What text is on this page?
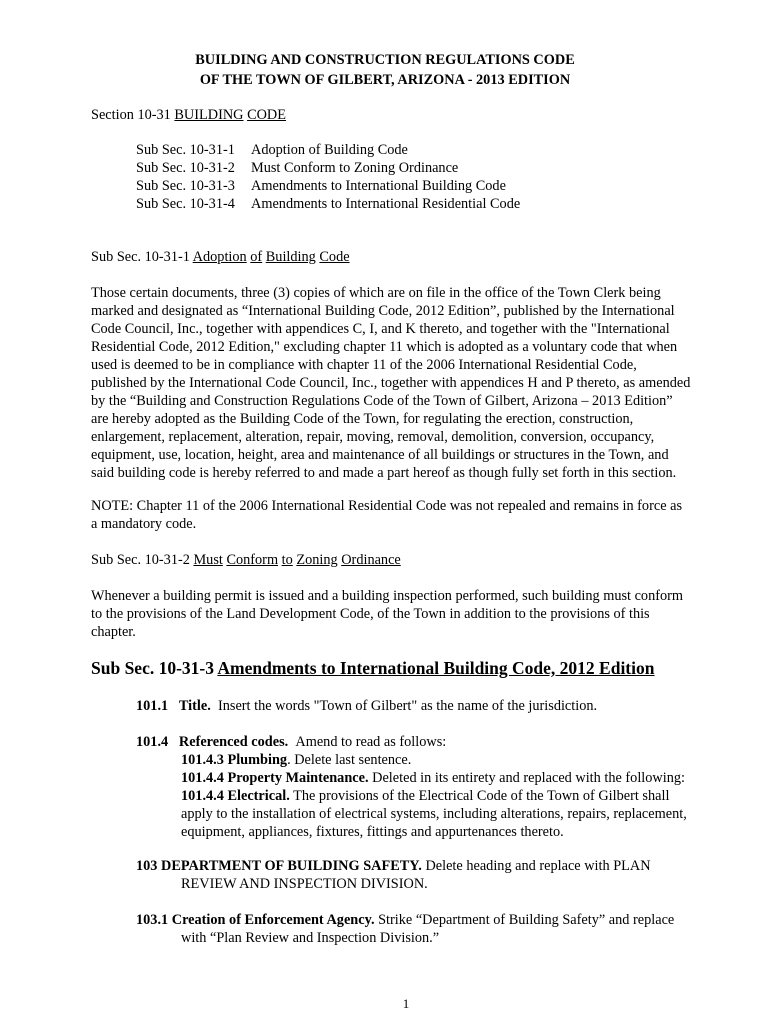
BUILDING AND CONSTRUCTION REGULATIONS CODE
OF THE TOWN OF GILBERT, ARIZONA - 2013 EDITION
Section 10-31 BUILDING CODE
Sub Sec. 10-31-1	Adoption of Building Code
Sub Sec. 10-31-2	Must Conform to Zoning Ordinance
Sub Sec. 10-31-3	Amendments to International Building Code
Sub Sec. 10-31-4	Amendments to International Residential Code
Sub Sec. 10-31-1 Adoption of Building Code
Those certain documents, three (3) copies of which are on file in the office of the Town Clerk being
marked and designated as “International Building Code, 2012 Edition”, published by the International
Code Council, Inc., together with appendices C, I, and K thereto, and together with the "International
Residential Code, 2012 Edition," excluding chapter 11 which is adopted as a voluntary code that when
used is deemed to be in compliance with chapter 11 of the 2006 International Residential Code,
published by the International Code Council, Inc., together with appendices H and P thereto, as amended
by the “Building and Construction Regulations Code of the Town of Gilbert, Arizona – 2013 Edition”
are hereby adopted as the Building Code of the Town, for regulating the erection, construction,
enlargement, replacement, alteration, repair, moving, removal, demolition, conversion, occupancy,
equipment, use, location, height, area and maintenance of all buildings or structures in the Town, and
said building code is hereby referred to and made a part hereof as though fully set forth in this section.
NOTE: Chapter 11 of the 2006 International Residential Code was not repealed and remains in force as
a mandatory code.
Sub Sec. 10-31-2 Must Conform to Zoning Ordinance
Whenever a building permit is issued and a building inspection performed, such building must conform
to the provisions of the Land Development Code, of the Town in addition to the provisions of this
chapter.
Sub Sec. 10-31-3 Amendments to International Building Code, 2012 Edition
101.1 Title. Insert the words "Town of Gilbert" as the name of the jurisdiction.
101.4 Referenced codes. Amend to read as follows:
101.4.3 Plumbing. Delete last sentence.
101.4.4 Property Maintenance. Deleted in its entirety and replaced with the following:
101.4.4 Electrical. The provisions of the Electrical Code of the Town of Gilbert shall
apply to the installation of electrical systems, including alterations, repairs, replacement,
equipment, appliances, fixtures, fittings and appurtenances thereto.
103 DEPARTMENT OF BUILDING SAFETY. Delete heading and replace with PLAN
REVIEW AND INSPECTION DIVISION.
103.1 Creation of Enforcement Agency. Strike “Department of Building Safety” and replace
with “Plan Review and Inspection Division.”
1
